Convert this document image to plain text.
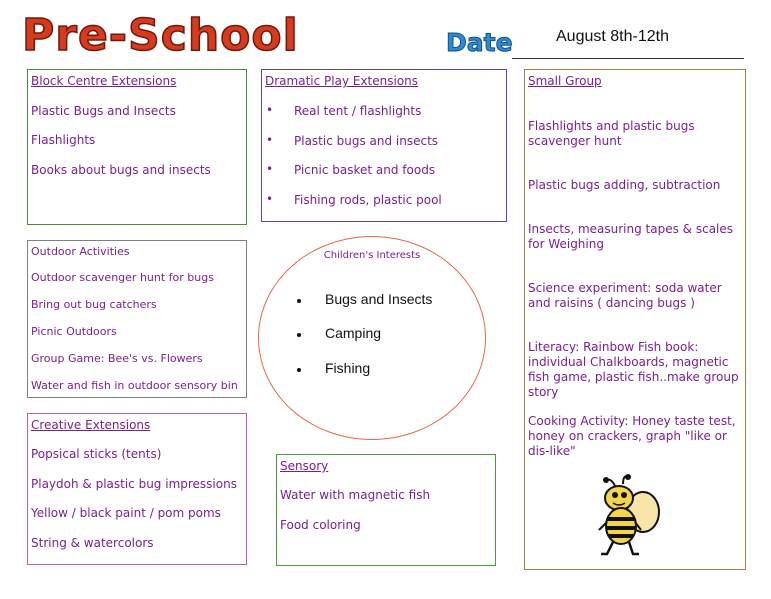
Pre-School	Date	August 8th-12th
Block Centre Extensions
Plastic Bugs and Insects
Flashlights
Books about bugs and insects
Dramatic Play Extensions
• Real tent / flashlights
• Plastic bugs and insects
• Picnic basket and foods
• Fishing rods, plastic pool
Small Group
Flashlights and plastic bugs scavenger hunt
Plastic bugs adding, subtraction
Insects, measuring tapes & scales for Weighing
Science experiment: soda water and raisins ( dancing bugs )
Literacy: Rainbow Fish book: individual Chalkboards, magnetic fish game, plastic fish..make group story
Cooking Activity: Honey taste test, honey on crackers, graph "like or dis-like"
Outdoor Activities
Outdoor scavenger hunt for bugs
Bring out bug catchers
Picnic Outdoors
Group Game: Bee's vs. Flowers
Water and fish in outdoor sensory bin
Children's Interests
Bugs and Insects
Camping
Fishing
Creative Extensions
Popsical sticks (tents)
Playdoh & plastic bug impressions
Yellow / black paint / pom poms
String & watercolors
Sensory
Water with magnetic fish
Food coloring
